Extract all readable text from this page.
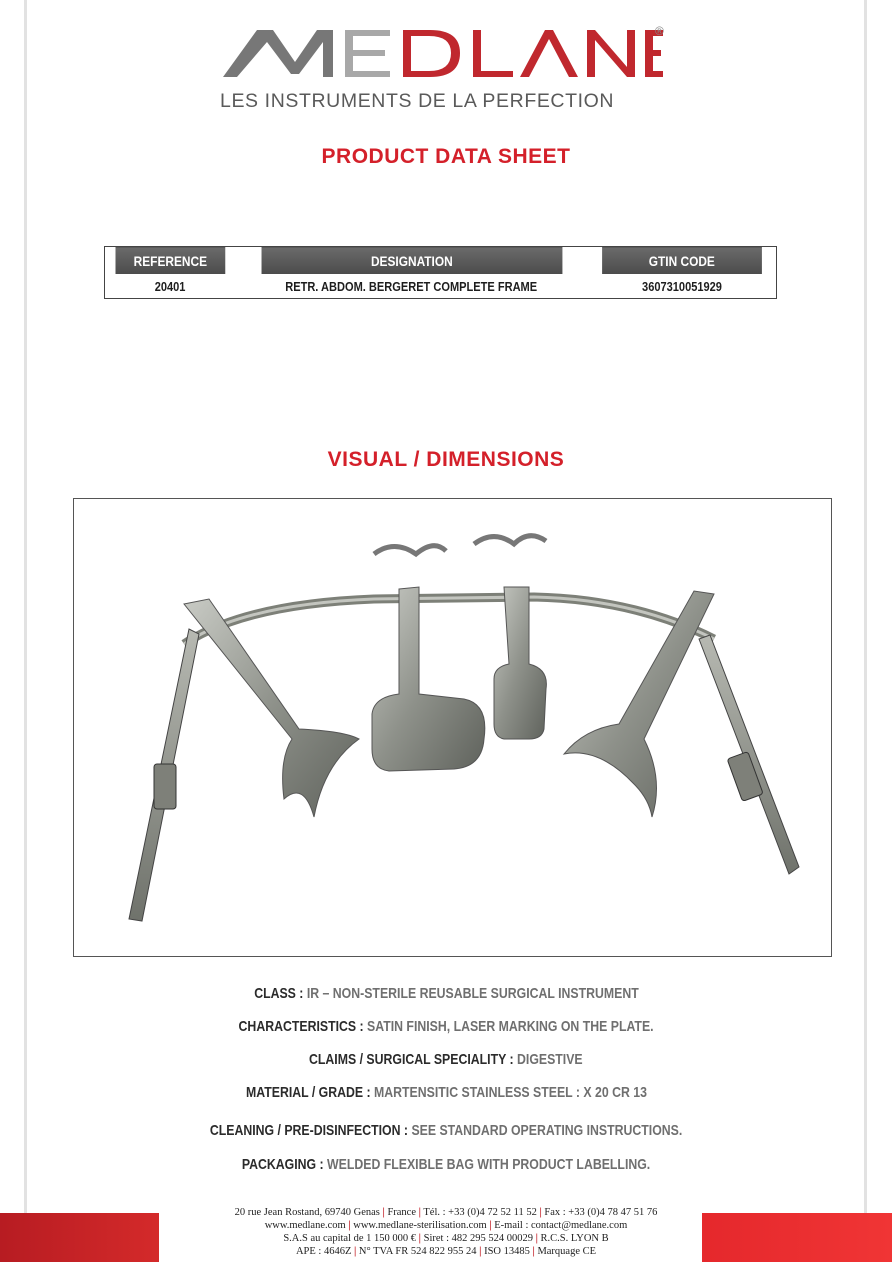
®
LES INSTRUMENTS DE LA PERFECTION
PRODUCT DATA SHEET
REFERENCE	DESIGNATION	GTIN CODE
20401	RETR. ABDOM. BERGERET COMPLETE FRAME	3607310051929
VISUAL / DIMENSIONS
CLASS : IR – NON-STERILE REUSABLE SURGICAL INSTRUMENT
CHARACTERISTICS : SATIN FINISH, LASER MARKING ON THE PLATE.
CLAIMS / SURGICAL SPECIALITY : DIGESTIVE
MATERIAL / GRADE : MARTENSITIC STAINLESS STEEL : X 20 CR 13
CLEANING / PRE-DISINFECTION : SEE STANDARD OPERATING INSTRUCTIONS.
PACKAGING : WELDED FLEXIBLE BAG WITH PRODUCT LABELLING.
20 rue Jean Rostand, 69740 Genas | France | Tél. : +33 (0)4 72 52 11 52 | Fax : +33 (0)4 78 47 51 76
www.medlane.com | www.medlane-sterilisation.com | E-mail : contact@medlane.com
S.A.S au capital de 1 150 000 € | Siret : 482 295 524 00029 | R.C.S. LYON B
APE : 4646Z | N° TVA FR 524 822 955 24 | ISO 13485 | Marquage CE
